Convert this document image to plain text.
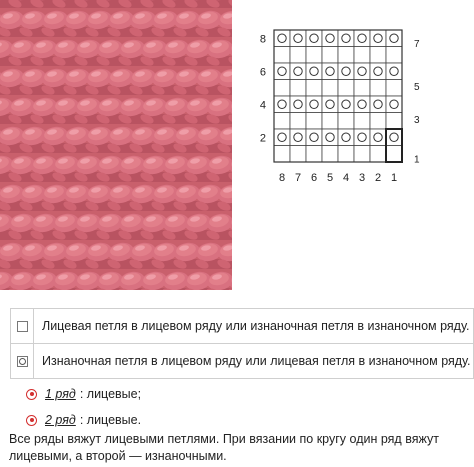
8
6
4
2
7
5
3
1
8 7 6 5 4 3 2 1
	Лицевая петля в лицевом ряду или изнаночная петля в изнаночном ряду.

	Изнаночная петля в лицевом ряду или лицевая петля в изнаночном ряду.
1 ряд : лицевые;
2 ряд : лицевые.
Все ряды вяжут лицевыми петлями. При вязании по кругу один ряд вяжут лицевыми, а второй — изнаночными.
